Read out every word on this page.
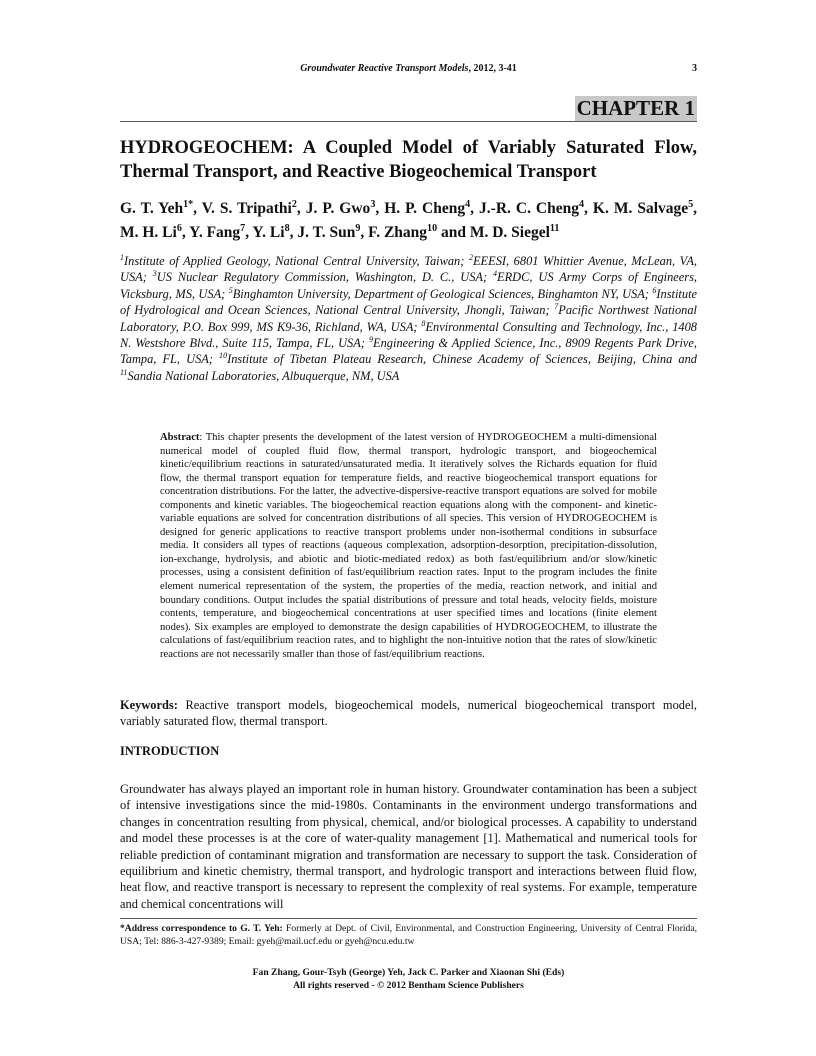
Groundwater Reactive Transport Models, 2012, 3-41	3
CHAPTER 1
HYDROGEOCHEM: A Coupled Model of Variably Saturated Flow, Thermal Transport, and Reactive Biogeochemical Transport
G. T. Yeh$^{1*}$, V. S. Tripathi$^2$, J. P. Gwo$^3$, H. P. Cheng$^4$, J.-R. C. Cheng$^4$, K. M. Salvage$^5$, M. H. Li$^6$, Y. Fang$^7$, Y. Li$^8$, J. T. Sun$^9$, F. Zhang$^{10}$ and M. D. Siegel$^{11}$
$^1$Institute of Applied Geology, National Central University, Taiwan; $^2$EEESI, 6801 Whittier Avenue, McLean, VA, USA; $^3$US Nuclear Regulatory Commission, Washington, D. C., USA; $^4$ERDC, US Army Corps of Engineers, Vicksburg, MS, USA; $^5$Binghamton University, Department of Geological Sciences, Binghamton NY, USA; $^6$Institute of Hydrological and Ocean Sciences, National Central University, Jhongli, Taiwan; $^7$Pacific Northwest National Laboratory, P.O. Box 999, MS K9-36, Richland, WA, USA; $^8$Environmental Consulting and Technology, Inc., 1408 N. Westshore Blvd., Suite 115, Tampa, FL, USA; $^9$Engineering & Applied Science, Inc., 8909 Regents Park Drive, Tampa, FL, USA; $^{10}$Institute of Tibetan Plateau Research, Chinese Academy of Sciences, Beijing, China and $^{11}$Sandia National Laboratories, Albuquerque, NM, USA
Abstract: This chapter presents the development of the latest version of HYDROGEOCHEM a multi-dimensional numerical model of coupled fluid flow, thermal transport, hydrologic transport, and biogeochemical kinetic/equilibrium reactions in saturated/unsaturated media. It iteratively solves the Richards equation for fluid flow, the thermal transport equation for temperature fields, and reactive biogeochemical transport equations for concentration distributions. For the latter, the advective-dispersive-reactive transport equations are solved for mobile components and kinetic variables. The biogeochemical reaction equations along with the component- and kinetic-variable equations are solved for concentration distributions of all species. This version of HYDROGEOCHEM is designed for generic applications to reactive transport problems under non-isothermal conditions in subsurface media. It considers all types of reactions (aqueous complexation, adsorption-desorption, precipitation-dissolution, ion-exchange, hydrolysis, and abiotic and biotic-mediated redox) as both fast/equilibrium and/or slow/kinetic processes, using a consistent definition of fast/equilibrium reaction rates. Input to the program includes the finite element numerical representation of the system, the properties of the media, reaction network, and initial and boundary conditions. Output includes the spatial distributions of pressure and total heads, velocity fields, moisture contents, temperature, and biogeochemical concentrations at user specified times and locations (finite element nodes). Six examples are employed to demonstrate the design capabilities of HYDROGEOCHEM, to illustrate the calculations of fast/equilibrium reaction rates, and to highlight the non-intuitive notion that the rates of slow/kinetic reactions are not necessarily smaller than those of fast/equilibrium reactions.
Keywords: Reactive transport models, biogeochemical models, numerical biogeochemical transport model, variably saturated flow, thermal transport.
INTRODUCTION
Groundwater has always played an important role in human history. Groundwater contamination has been a subject of intensive investigations since the mid-1980s. Contaminants in the environment undergo transformations and changes in concentration resulting from physical, chemical, and/or biological processes. A capability to understand and model these processes is at the core of water-quality management [1]. Mathematical and numerical tools for reliable prediction of contaminant migration and transformation are necessary to support the task. Consideration of equilibrium and kinetic chemistry, thermal transport, and hydrologic transport and interactions between fluid flow, heat flow, and reactive transport is necessary to represent the complexity of real systems. For example, temperature and chemical concentrations will
*Address correspondence to G. T. Yeh: Formerly at Dept. of Civil, Environmental, and Construction Engineering, University of Central Florida, USA; Tel: 886-3-427-9389; Email: gyeh@mail.ucf.edu or gyeh@ncu.edu.tw
Fan Zhang, Gour-Tsyh (George) Yeh, Jack C. Parker and Xiaonan Shi (Eds)
All rights reserved - © 2012 Bentham Science Publishers
